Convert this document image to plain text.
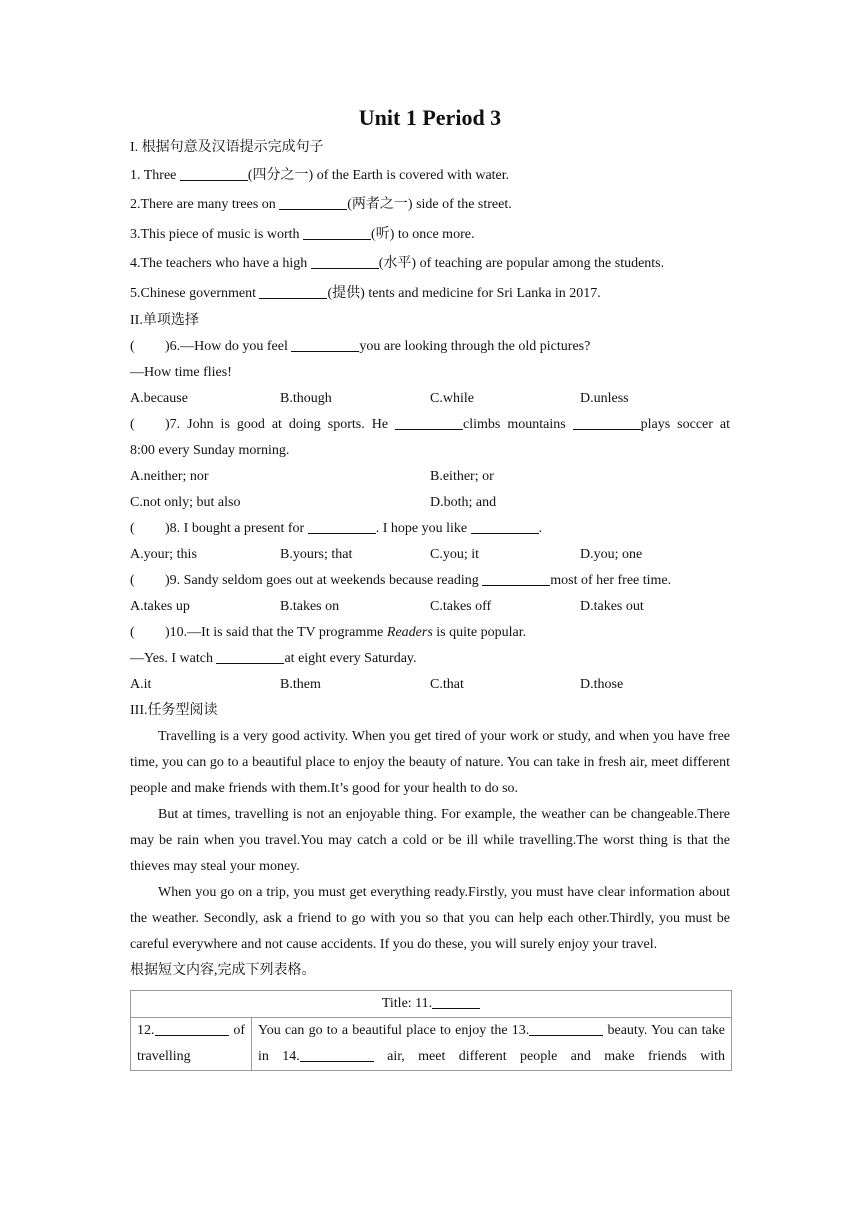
Unit 1 Period 3
I. 根据句意及汉语提示完成句子
1. Three	(四分之一) of the Earth is covered with water.
2.There are many trees on	(两者之一) side of the street.
3.This piece of music is worth	(听) to once more.
4.The teachers who have a high	(水平) of teaching are popular among the students.
5.Chinese government	(提供) tents and medicine for Sri Lanka in 2017.
II.单项选择
( )6.—How do you feel	you are looking through the old pictures?
—How time flies!
A.because	B.though	C.while	D.unless
( )7. John is good at doing sports. He	climbs mountains	plays soccer at
8:00 every Sunday morning.
A.neither; nor	B.either; or
C.not only; but also	D.both; and
( )8. I bought a present for	. I hope you like	.
A.your; this	B.yours; that	C.you; it	D.you; one
( )9. Sandy seldom goes out at weekends because reading	most of her free time.
A.takes up	B.takes on	C.takes off	D.takes out
( )10.—It is said that the TV programme Readers is quite popular.
—Yes. I watch	at eight every Saturday.
A.it	B.them	C.that	D.those
III.任务型阅读
Travelling is a very good activity. When you get tired of your work or study, and when you have free time, you can go to a beautiful place to enjoy the beauty of nature. You can take in fresh air, meet different people and make friends with them.It’s good for your health to do so.
But at times, travelling is not an enjoyable thing. For example, the weather can be changeable.There may be rain when you travel.You may catch a cold or be ill while travelling.The worst thing is that the thieves may steal your money.
When you go on a trip, you must get everything ready.Firstly, you must have clear information about the weather. Secondly, ask a friend to go with you so that you can help each other.Thirdly, you must be careful everywhere and not cause accidents. If you do these, you will surely enjoy your travel.
根据短文内容,完成下列表格。
Title: 11.

12.	of
travelling
	You can go to a beautiful place to enjoy the 13.	beauty. You can take in 14.	air, meet different people and make friends with
